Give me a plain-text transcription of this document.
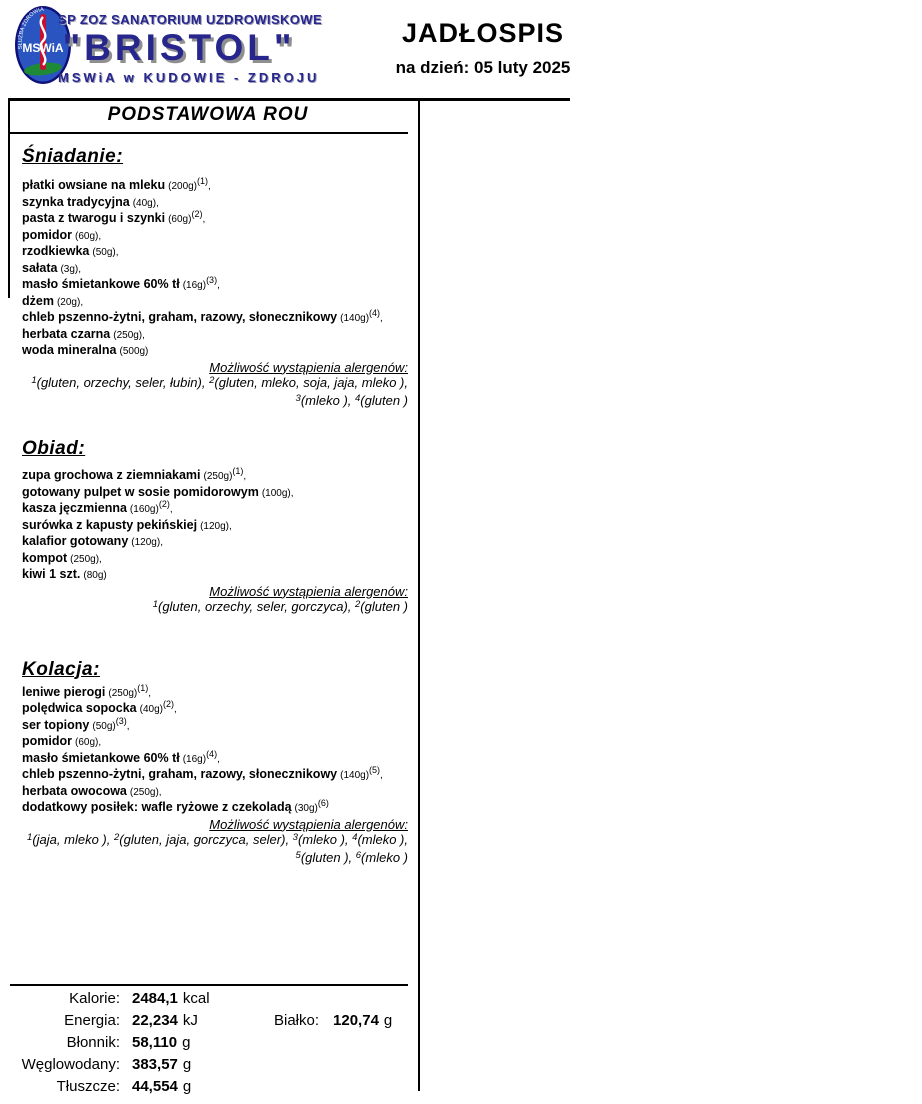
SŁUŻBA ZDROWIA
MSWiA
SP ZOZ SANATORIUM UZDROWISKOWE
"BRISTOL"
MSWiA w KUDOWIE - ZDROJU
JADŁOSPIS
na dzień: 05 luty 2025
PODSTAWOWA ROU
Śniadanie:
płatki owsiane na mleku $(200g)^{(1)}$,
szynka tradycyjna (40g),
pasta z twarogu i szynki $(60g)^{(2)}$,
pomidor (60g),
rzodkiewka (50g),
sałata (3g),
masło śmietankowe 60% tł $(16g)^{(3)}$,
dżem (20g),
chleb pszenno-żytni, graham, razowy, słonecznikowy $(140g)^{(4)}$,
herbata czarna (250g),
woda mineralna (500g)
Możliwość wystąpienia alergenów:
$^1$(gluten, orzechy, seler, łubin), $^2$(gluten, mleko, soja, jaja, mleko ),
$^3$(mleko ), $^4$(gluten )
Obiad:
zupa grochowa z ziemniakami $(250g)^{(1)}$,
gotowany pulpet w sosie pomidorowym (100g),
kasza jęczmienna $(160g)^{(2)}$,
surówka z kapusty pekińskiej (120g),
kalafior gotowany (120g),
kompot (250g),
kiwi 1 szt. (80g)
Możliwość wystąpienia alergenów:
$^1$(gluten, orzechy, seler, gorczyca), $^2$(gluten )
Kolacja:
leniwe pierogi $(250g)^{(1)}$,
polędwica sopocka $(40g)^{(2)}$,
ser topiony $(50g)^{(3)}$,
pomidor (60g),
masło śmietankowe 60% tł $(16g)^{(4)}$,
chleb pszenno-żytni, graham, razowy, słonecznikowy $(140g)^{(5)}$,
herbata owocowa (250g),
dodatkowy posiłek: wafle ryżowe z czekoladą $(30g)^{(6)}$
Możliwość wystąpienia alergenów:
$^1$(jaja, mleko ), $^2$(gluten, jaja, gorczyca, seler), $^3$(mleko ), $^4$(mleko ),
$^5$(gluten ), $^6$(mleko )
Białko: 120,74 g
Kalorie: 2484,1 kcal
Energia: 22,234 kJ
Błonnik: 58,110 g
Węglowodany: 383,57 g
Tłuszcze: 44,554 g
